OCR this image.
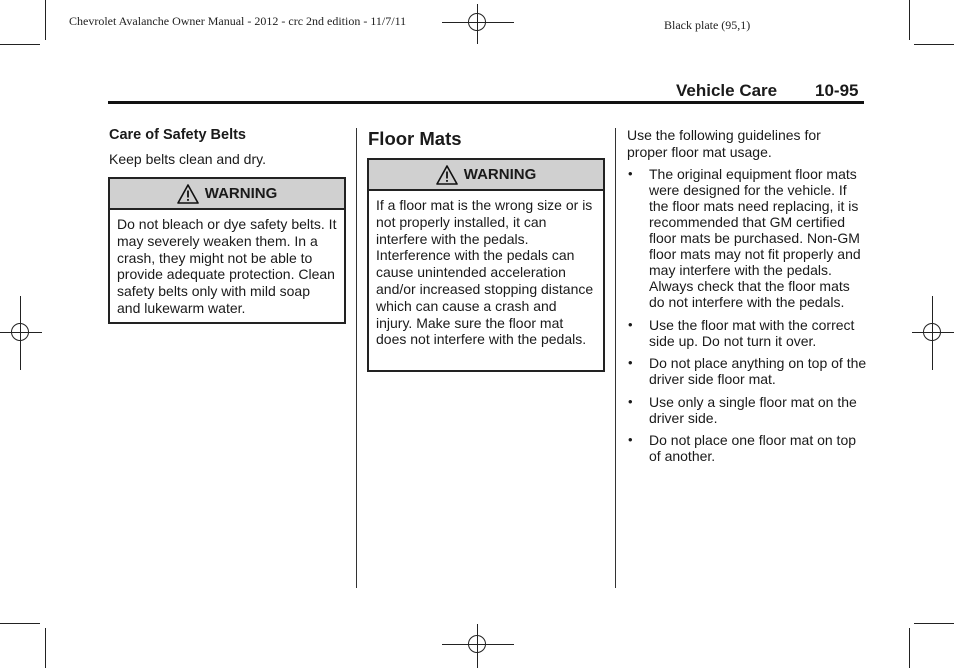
Chevrolet Avalanche Owner Manual - 2012 - crc 2nd edition - 11/7/11	Black plate (95,1)
Vehicle Care 10-95
Care of Safety Belts
Keep belts clean and dry.
WARNING
Do not bleach or dye safety belts. It may severely weaken them. In a crash, they might not be able to provide adequate protection. Clean safety belts only with mild soap and lukewarm water.
Floor Mats
WARNING
If a floor mat is the wrong size or is not properly installed, it can interfere with the pedals. Interference with the pedals can cause unintended acceleration and/or increased stopping distance which can cause a crash and injury. Make sure the floor mat does not interfere with the pedals.
Use the following guidelines for proper floor mat usage.
• The original equipment floor mats were designed for the vehicle. If the floor mats need replacing, it is recommended that GM certified floor mats be purchased. Non-GM floor mats may not fit properly and may interfere with the pedals. Always check that the floor mats do not interfere with the pedals.
• Use the floor mat with the correct side up. Do not turn it over.
• Do not place anything on top of the driver side floor mat.
• Use only a single floor mat on the driver side.
• Do not place one floor mat on top of another.
